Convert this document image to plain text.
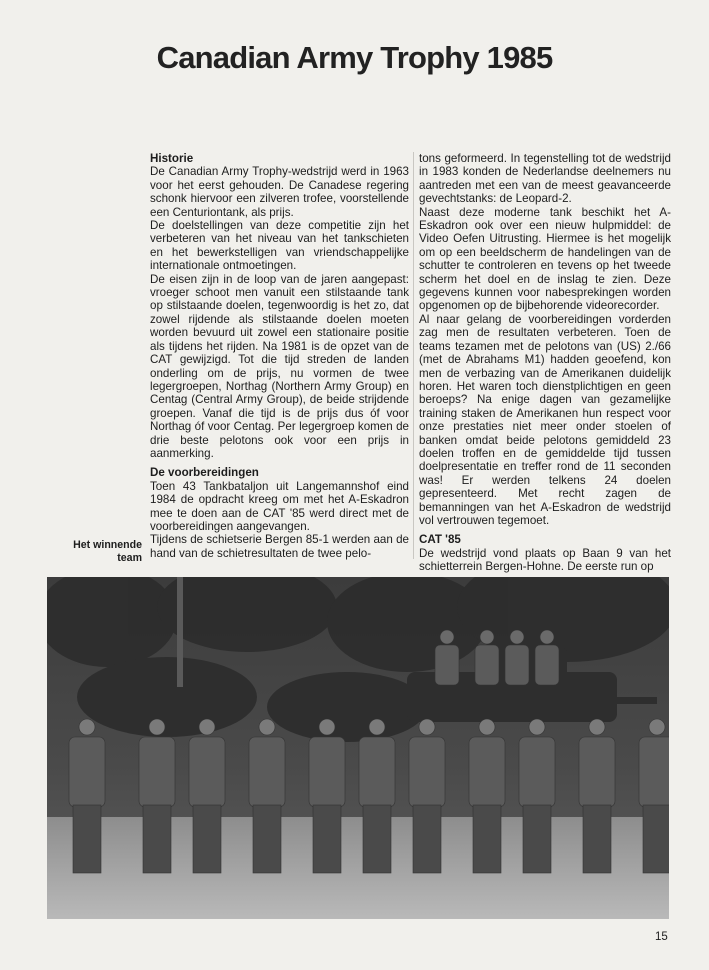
Canadian Army Trophy 1985
Historie

De Canadian Army Trophy-wedstrijd werd in 1963 voor het eerst gehouden. De Canadese regering schonk hiervoor een zilveren trofee, voorstellende een Centuriontank, als prijs.

De doelstellingen van deze competitie zijn het verbeteren van het niveau van het tankschieten en het bewerkstelligen van vriendschappelijke internationale ontmoetingen.

De eisen zijn in de loop van de jaren aangepast: vroeger schoot men vanuit een stilstaande tank op stilstaande doelen, tegenwoordig is het zo, dat zowel rijdende als stilstaande doelen moeten worden bevuurd uit zowel een stationaire positie als tijdens het rijden. Na 1981 is de opzet van de CAT gewijzigd. Tot die tijd streden de landen onderling om de prijs, nu vormen de twee legergroepen, Northag (Northern Army Group) en Centag (Central Army Group), de beide strijdende groepen. Vanaf die tijd is de prijs dus óf voor Northag óf voor Centag. Per legergroep komen de drie beste pelotons ook voor een prijs in aanmerking.

De voorbereidingen

Toen 43 Tankbataljon uit Langemannshof eind 1984 de opdracht kreeg om met het A-Eskadron mee te doen aan de CAT '85 werd direct met de voorbereidingen aangevangen.

Tijdens de schietserie Bergen 85-1 werden aan de hand van de schietresultaten de twee pelo-

tons geformeerd. In tegenstelling tot de wedstrijd in 1983 konden de Nederlandse deelnemers nu aantreden met een van de meest geavanceerde gevechtstanks: de Leopard-2.

Naast deze moderne tank beschikt het A-Eskadron ook over een nieuw hulpmiddel: de Video Oefen Uitrusting. Hiermee is het mogelijk om op een beeldscherm de handelingen van de schutter te controleren en tevens op het tweede scherm het doel en de inslag te zien. Deze gegevens kunnen voor nabesprekingen worden opgenomen op de bijbehorende videorecorder.

Al naar gelang de voorbereidingen vorderden zag men de resultaten verbeteren. Toen de teams tezamen met de pelotons van (US) 2./66 (met de Abrahams M1) hadden geoefend, kon men de verbazing van de Amerikanen duidelijk horen. Het waren toch dienstplichtigen en geen beroeps? Na enige dagen van gezamelijke training staken de Amerikanen hun respect voor onze prestaties niet meer onder stoelen of banken omdat beide pelotons gemiddeld 23 doelen troffen en de gemiddelde tijd tussen doelpresentatie en treffer rond de 11 seconden was! Er werden telkens 24 doelen gepresenteerd. Met recht zagen de bemanningen van het A-Eskadron de wedstrijd vol vertrouwen tegemoet.

CAT '85

De wedstrijd vond plaats op Baan 9 van het schietterrein Bergen-Hohne. De eerste run op

Het winnende
team
15
